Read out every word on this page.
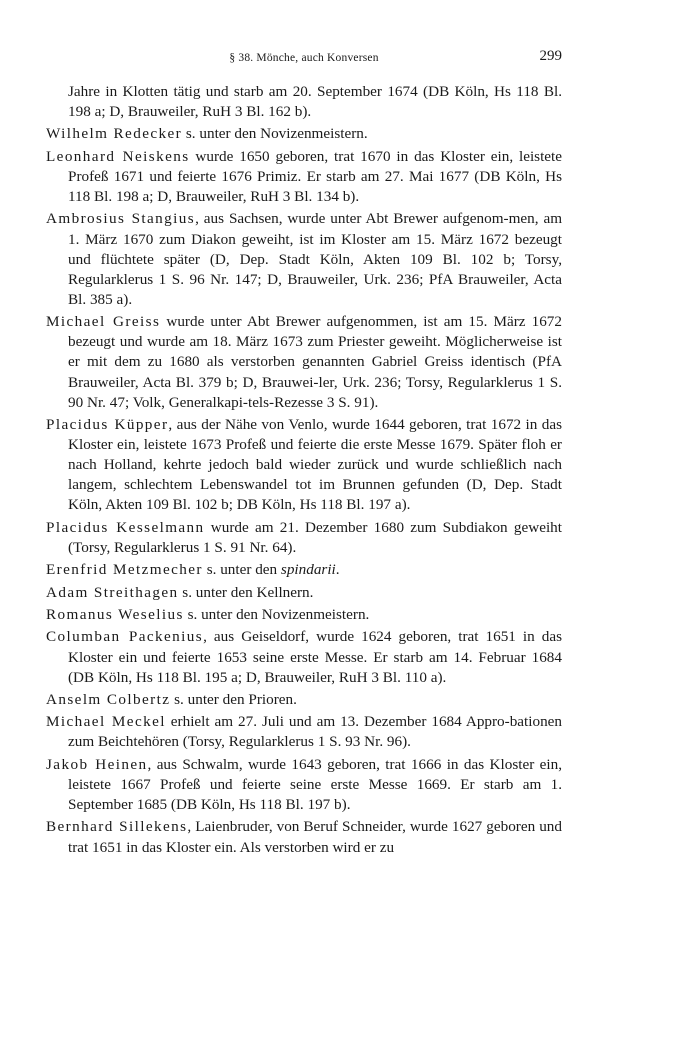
§ 38. Mönche, auch Konversen	299

Jahre in Klotten tätig und starb am 20. September 1674 (DB Köln, Hs 118 Bl. 198 a; D, Brauweiler, RuH 3 Bl. 162 b).

Wilhelm Redecker s. unter den Novizenmeistern.

Leonhard Neiskens wurde 1650 geboren, trat 1670 in das Kloster ein, leistete Profeß 1671 und feierte 1676 Primiz. Er starb am 27. Mai 1677 (DB Köln, Hs 118 Bl. 198 a; D, Brauweiler, RuH 3 Bl. 134 b).

Ambrosius Stangius, aus Sachsen, wurde unter Abt Brewer aufgenom-men, am 1. März 1670 zum Diakon geweiht, ist im Kloster am 15. März 1672 bezeugt und flüchtete später (D, Dep. Stadt Köln, Akten 109 Bl. 102 b; Torsy, Regularklerus 1 S. 96 Nr. 147; D, Brauweiler, Urk. 236; PfA Brauweiler, Acta Bl. 385 a).

Michael Greiss wurde unter Abt Brewer aufgenommen, ist am 15. März 1672 bezeugt und wurde am 18. März 1673 zum Priester geweiht. Möglicherweise ist er mit dem zu 1680 als verstorben genannten Gabriel Greiss identisch (PfA Brauweiler, Acta Bl. 379 b; D, Brauwei-ler, Urk. 236; Torsy, Regularklerus 1 S. 90 Nr. 47; Volk, Generalkapi-tels-Rezesse 3 S. 91).

Placidus Küpper, aus der Nähe von Venlo, wurde 1644 geboren, trat 1672 in das Kloster ein, leistete 1673 Profeß und feierte die erste Messe 1679. Später floh er nach Holland, kehrte jedoch bald wieder zurück und wurde schließlich nach langem, schlechtem Lebenswandel tot im Brunnen gefunden (D, Dep. Stadt Köln, Akten 109 Bl. 102 b; DB Köln, Hs 118 Bl. 197 a).

Placidus Kesselmann wurde am 21. Dezember 1680 zum Subdiakon geweiht (Torsy, Regularklerus 1 S. 91 Nr. 64).

Erenfrid Metzmecher s. unter den spindarii.

Adam Streithagen s. unter den Kellnern.

Romanus Weselius s. unter den Novizenmeistern.

Columban Packenius, aus Geiseldorf, wurde 1624 geboren, trat 1651 in das Kloster ein und feierte 1653 seine erste Messe. Er starb am 14. Februar 1684 (DB Köln, Hs 118 Bl. 195 a; D, Brauweiler, RuH 3 Bl. 110 a).

Anselm Colbertz s. unter den Prioren.

Michael Meckel erhielt am 27. Juli und am 13. Dezember 1684 Appro-bationen zum Beichtehören (Torsy, Regularklerus 1 S. 93 Nr. 96).

Jakob Heinen, aus Schwalm, wurde 1643 geboren, trat 1666 in das Kloster ein, leistete 1667 Profeß und feierte seine erste Messe 1669. Er starb am 1. September 1685 (DB Köln, Hs 118 Bl. 197 b).

Bernhard Sillekens, Laienbruder, von Beruf Schneider, wurde 1627 geboren und trat 1651 in das Kloster ein. Als verstorben wird er zu
